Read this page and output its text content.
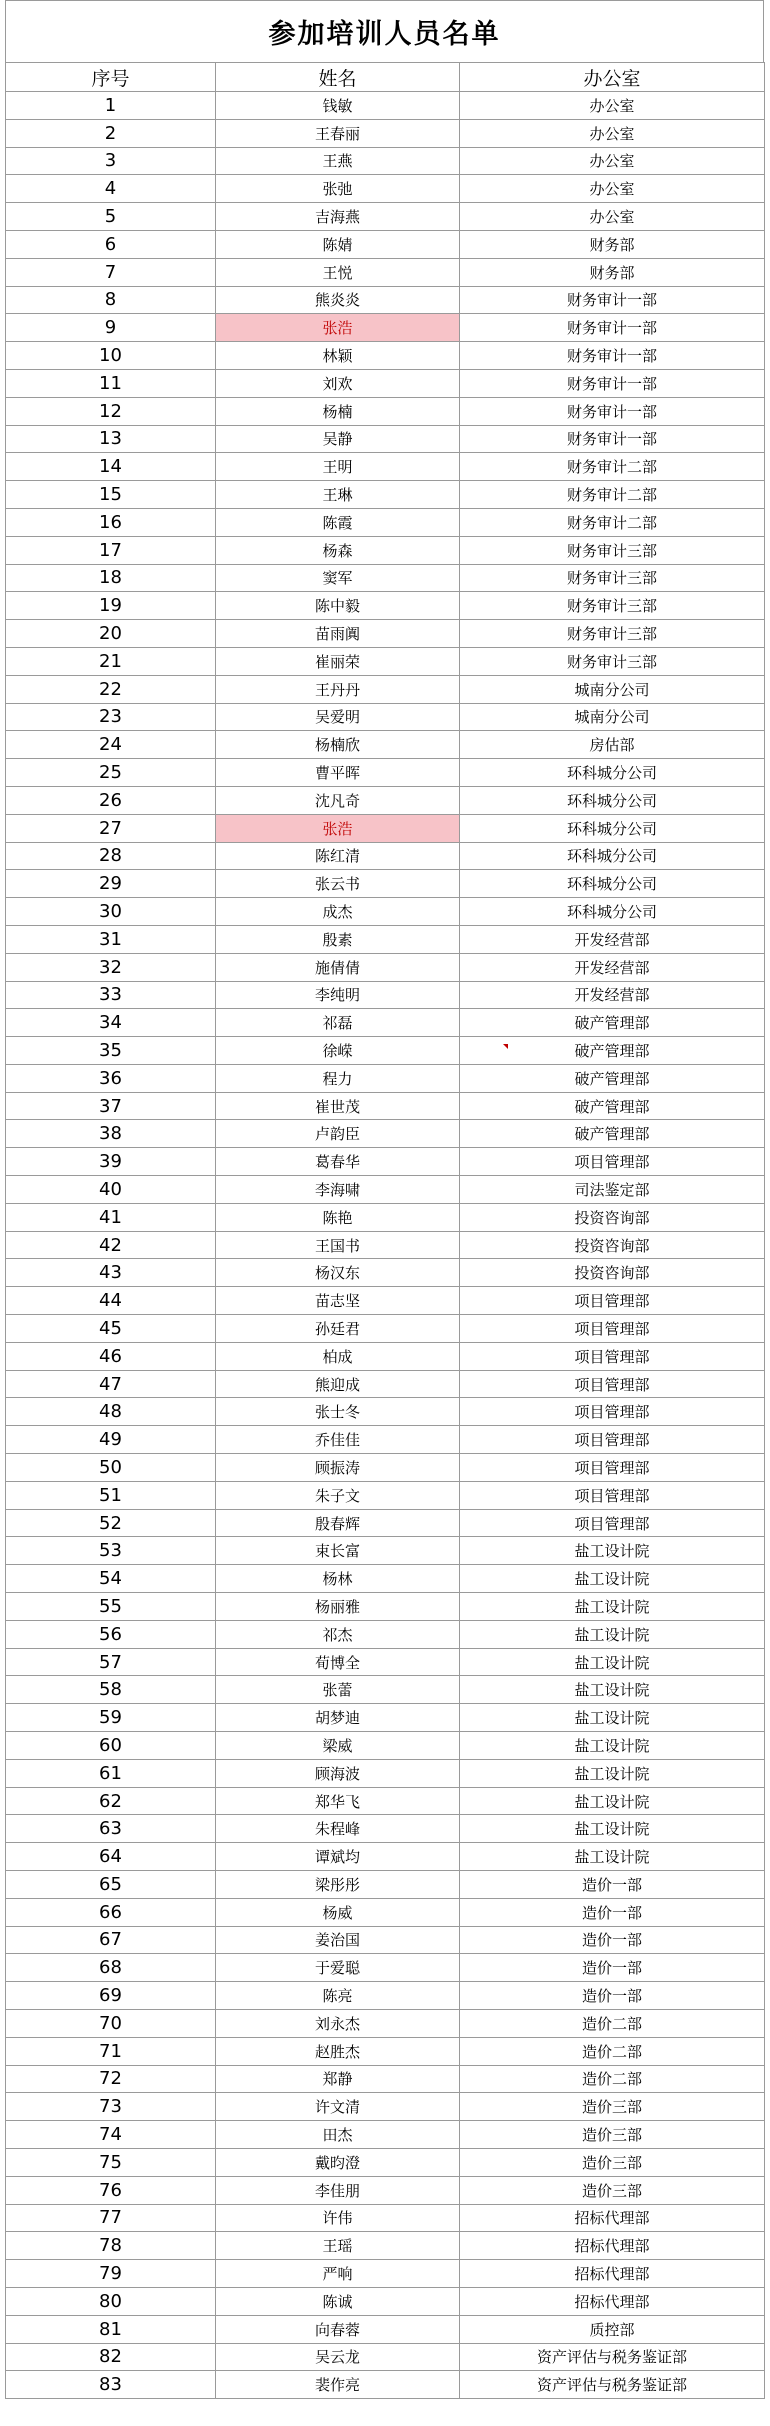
参加培训人员名单
序号	姓名	办公室
1	钱敏	办公室
2	王春丽	办公室
3	王燕	办公室
4	张弛	办公室
5	吉海燕	办公室
6	陈婧	财务部
7	王悦	财务部
8	熊炎炎	财务审计一部
9	张浩	财务审计一部
10	林颖	财务审计一部
11	刘欢	财务审计一部
12	杨楠	财务审计一部
13	吴静	财务审计一部
14	王明	财务审计二部
15	王琳	财务审计二部
16	陈霞	财务审计二部
17	杨森	财务审计三部
18	窦军	财务审计三部
19	陈中毅	财务审计三部
20	苗雨阗	财务审计三部
21	崔丽荣	财务审计三部
22	王丹丹	城南分公司
23	吴爱明	城南分公司
24	杨楠欣	房估部
25	曹平晖	环科城分公司
26	沈凡奇	环科城分公司
27	张浩	环科城分公司
28	陈红清	环科城分公司
29	张云书	环科城分公司
30	成杰	环科城分公司
31	殷素	开发经营部
32	施倩倩	开发经营部
33	李纯明	开发经营部
34	祁磊	破产管理部
35	徐嵘	破产管理部
36	程力	破产管理部
37	崔世茂	破产管理部
38	卢韵臣	破产管理部
39	葛春华	项目管理部
40	李海啸	司法鉴定部
41	陈艳	投资咨询部
42	王国书	投资咨询部
43	杨汉东	投资咨询部
44	苗志坚	项目管理部
45	孙廷君	项目管理部
46	柏成	项目管理部
47	熊迎成	项目管理部
48	张士冬	项目管理部
49	乔佳佳	项目管理部
50	顾振涛	项目管理部
51	朱子文	项目管理部
52	殷春辉	项目管理部
53	束长富	盐工设计院
54	杨林	盐工设计院
55	杨丽雅	盐工设计院
56	祁杰	盐工设计院
57	荀博全	盐工设计院
58	张蕾	盐工设计院
59	胡梦迪	盐工设计院
60	梁威	盐工设计院
61	顾海波	盐工设计院
62	郑华飞	盐工设计院
63	朱程峰	盐工设计院
64	谭斌均	盐工设计院
65	梁彤彤	造价一部
66	杨威	造价一部
67	姜治国	造价一部
68	于爱聪	造价一部
69	陈亮	造价一部
70	刘永杰	造价二部
71	赵胜杰	造价二部
72	郑静	造价二部
73	许文清	造价三部
74	田杰	造价三部
75	戴昀澄	造价三部
76	李佳朋	造价三部
77	许伟	招标代理部
78	王瑶	招标代理部
79	严响	招标代理部
80	陈诚	招标代理部
81	向春蓉	质控部
82	吴云龙	资产评估与税务鉴证部
83	裴作亮	资产评估与税务鉴证部
